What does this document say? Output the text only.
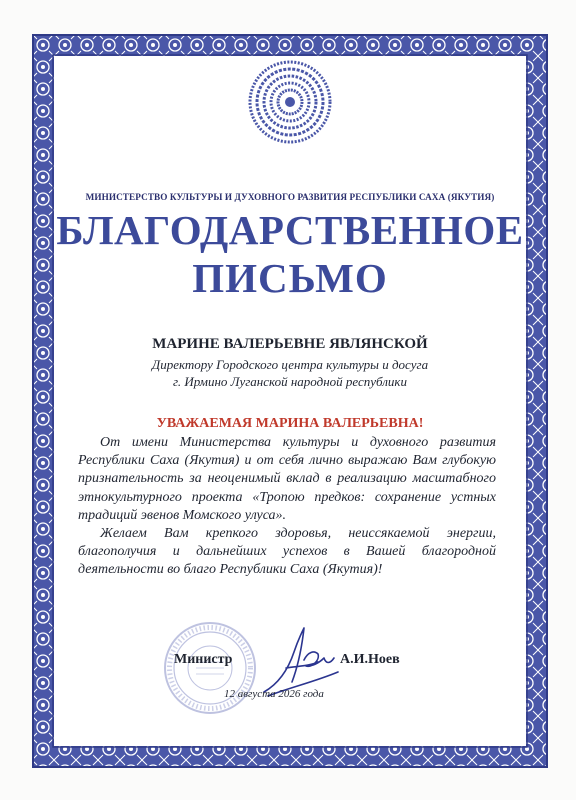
МИНИСТЕРСТВО КУЛЬТУРЫ И ДУХОВНОГО РАЗВИТИЯ РЕСПУБЛИКИ САХА (ЯКУТИЯ)
БЛАГОДАРСТВЕННОЕ
ПИСЬМО
МАРИНЕ ВАЛЕРЬЕВНЕ ЯВЛЯНСКОЙ
Директору Городского центра культуры и досуга
г. Ирмино Луганской народной республики
УВАЖАЕМАЯ МАРИНА ВАЛЕРЬЕВНА!

От имени Министерства культуры и духовного развития Республики Саха (Якутия) и от себя лично выражаю Вам глубокую признательность за неоценимый вклад в реализацию масштабного этнокультурного проекта «Тропою предков: сохранение устных традиций эвенов Момского улуса».

Желаем Вам крепкого здоровья, неиссякаемой энергии, благополучия и дальнейших успехов в Вашей благородной деятельности во благо Республики Саха (Якутия)!

Министр	А.И.Ноев
12 августа 2026 года
